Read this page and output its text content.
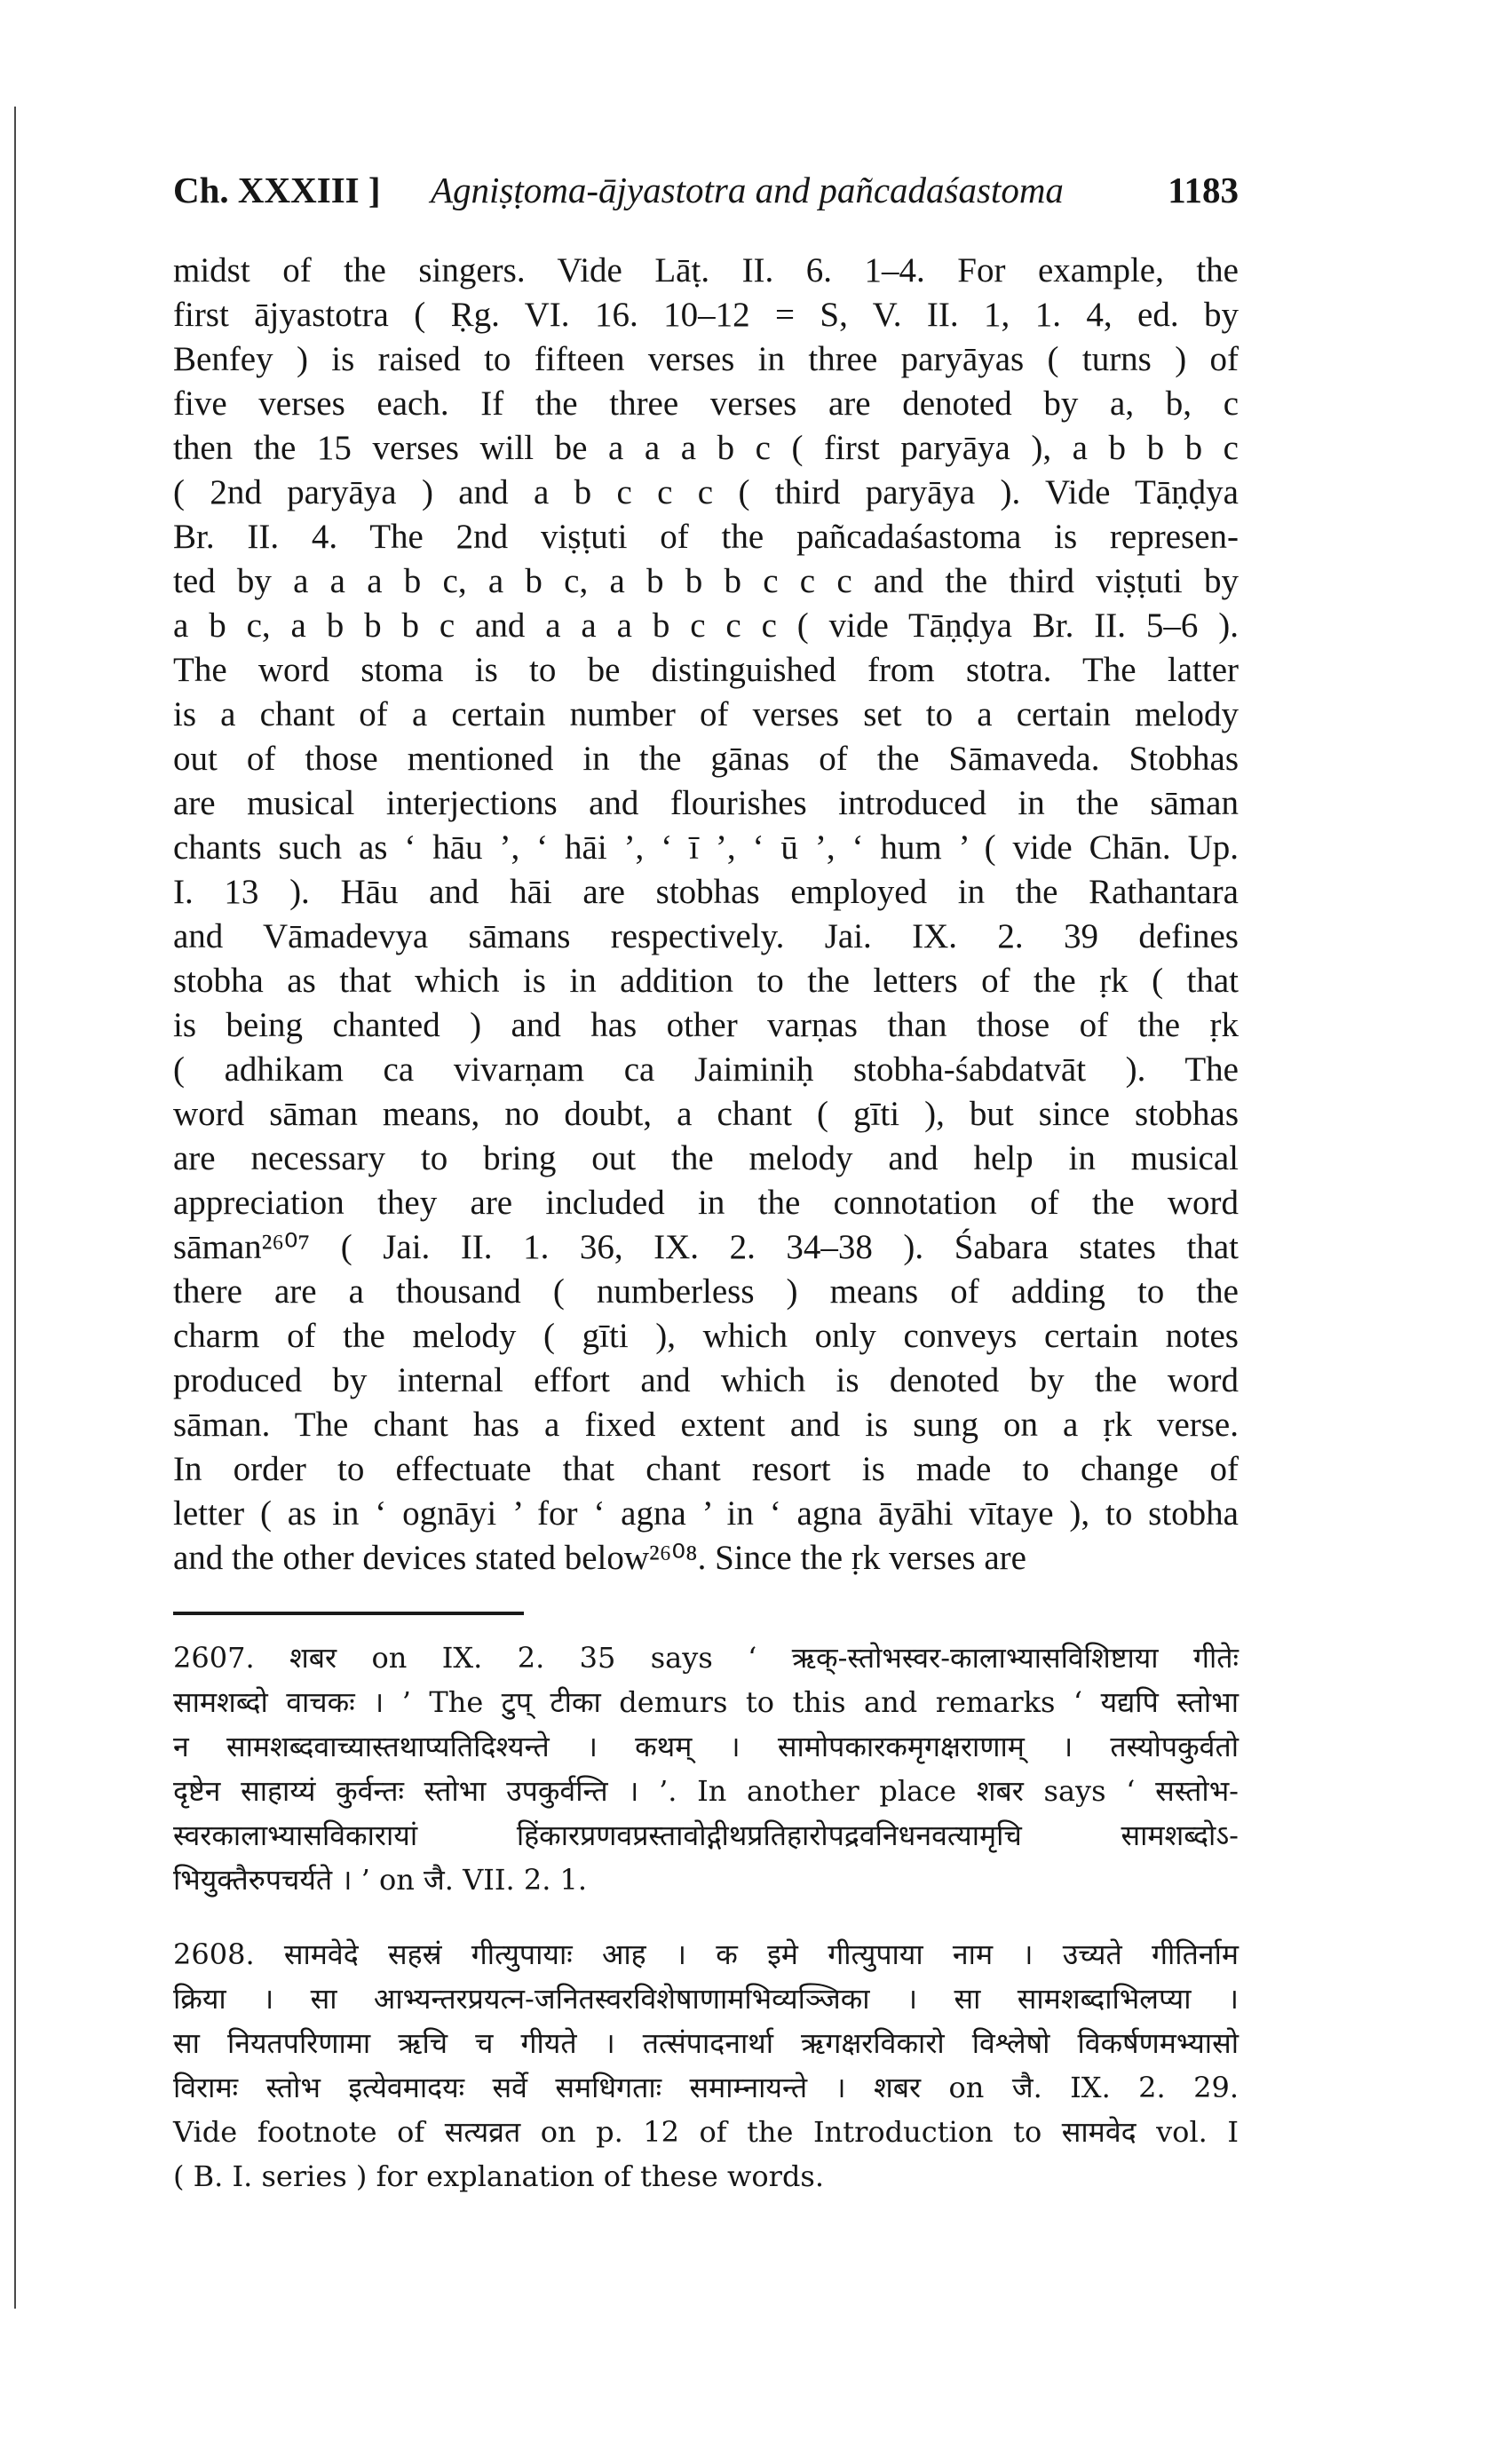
Ch. XXXIII ] Agniṣṭoma-ājyastotra and pañcadaśastoma	1183
midst of the singers. Vide Lāṭ. II. 6. 1–4. For example, the
first ājyastotra ( Ṛg. VI. 16. 10–12 = S, V. II. 1, 1. 4, ed. by
Benfey ) is raised to fifteen verses in three paryāyas ( turns ) of
five verses each. If the three verses are denoted by a, b, c
then the 15 verses will be a a a b c ( first paryāya ), a b b b c
( 2nd paryāya ) and a b c c c ( third paryāya ). Vide Tāṇḍya
Br. II. 4. The 2nd viṣṭuti of the pañcadaśastoma is represen-
ted by a a a b c, a b c, a b b b c c c and the third viṣṭuti by
a b c, a b b b c and a a a b c c c ( vide Tāṇḍya Br. II. 5–6 ).
The word stoma is to be distinguished from stotra. The latter
is a chant of a certain number of verses set to a certain melody
out of those mentioned in the gānas of the Sāmaveda. Stobhas
are musical interjections and flourishes introduced in the sāman
chants such as ‘ hāu ’, ‘ hāi ’, ‘ ī ’, ‘ ū ’, ‘ hum ’ ( vide Chān. Up.
I. 13 ). Hāu and hāi are stobhas employed in the Rathantara
and Vāmadevya sāmans respectively. Jai. IX. 2. 39 defines
stobha as that which is in addition to the letters of the ṛk ( that
is being chanted ) and has other varṇas than those of the ṛk
( adhikam ca vivarṇam ca Jaiminiḥ stobha-śabdatvāt ). The
word sāman means, no doubt, a chant ( gīti ), but since stobhas
are necessary to bring out the melody and help in musical
appreciation they are included in the connotation of the word
sāman²⁶⁰⁷ ( Jai. II. 1. 36, IX. 2. 34–38 ). Śabara states that
there are a thousand ( numberless ) means of adding to the
charm of the melody ( gīti ), which only conveys certain notes
produced by internal effort and which is denoted by the word
sāman. The chant has a fixed extent and is sung on a ṛk verse.
In order to effectuate that chant resort is made to change of
letter ( as in ‘ ognāyi ’ for ‘ agna ’ in ‘ agna āyāhi vītaye ), to stobha
and the other devices stated below²⁶⁰⁸. Since the ṛk verses are
2607. शबर on IX. 2. 35 says ‘ ऋक्-स्तोभस्वर-कालाभ्यासविशिष्टाया गीतेः
सामशब्दो वाचकः । ’ The टुप् टीका demurs to this and remarks ‘ यद्यपि स्तोभा
न सामशब्दवाच्यास्तथाप्यतिदिश्यन्ते । कथम् । सामोपकारकमृगक्षराणाम् । तस्योपकुर्वतो
दृष्टेन साहाय्यं कुर्वन्तः स्तोभा उपकुर्वन्ति । ’. In another place शबर says ‘ सस्तोभ-
स्वरकालाभ्यासविकारायां हिंकारप्रणवप्रस्तावोद्गीथप्रतिहारोपद्रवनिधनवत्यामृचि सामशब्दोऽ-
भियुक्तैरुपचर्यते । ’ on जै. VII. 2. 1.
2608. सामवेदे सहस्रं गीत्युपायाः आह । क इमे गीत्युपाया नाम । उच्यते गीतिर्नाम
क्रिया । सा आभ्यन्तरप्रयत्न-जनितस्वरविशेषाणामभिव्यञ्जिका । सा सामशब्दाभिलप्या ।
सा नियतपरिणामा ऋचि च गीयते । तत्संपादनार्था ऋगक्षरविकारो विश्लेषो विकर्षणमभ्यासो
विरामः स्तोभ इत्येवमादयः सर्वे समधिगताः समाम्नायन्ते । शबर on जै. IX. 2. 29.
Vide footnote of सत्यव्रत on p. 12 of the Introduction to सामवेद vol. I
( B. I. series ) for explanation of these words.
